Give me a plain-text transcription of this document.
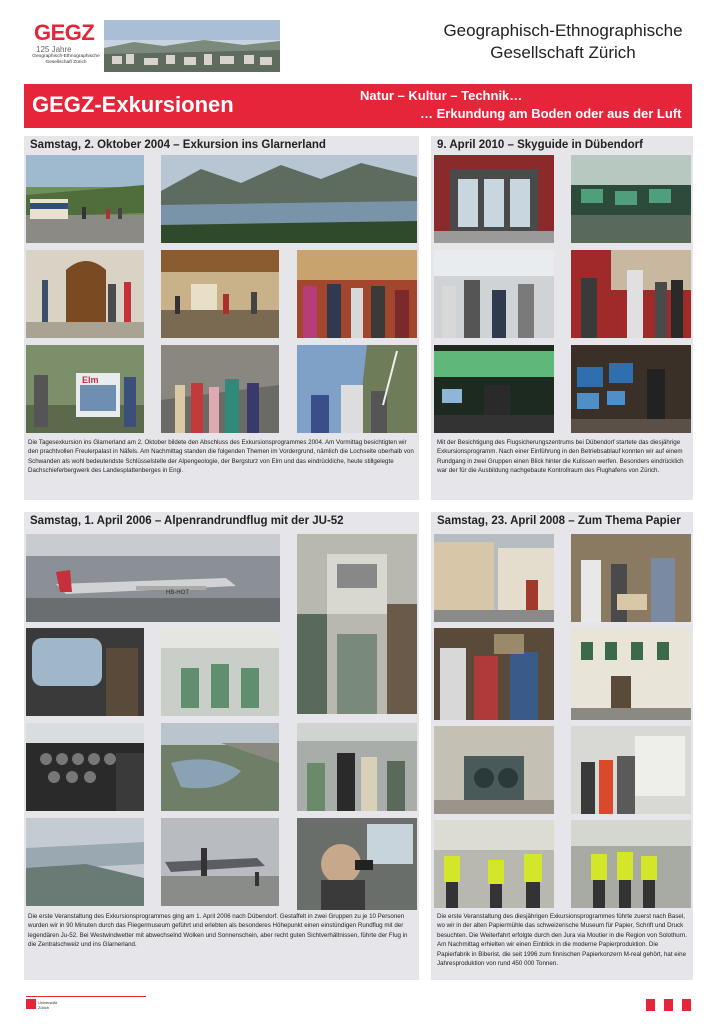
GEGZ
125 Jahre
Geographisch-Ethnographische Gesellschaft Zürich
Geographisch-Ethnographische
Gesellschaft Zürich
GEGZ-Exkursionen	Natur – Kultur – Technik…
… Erkundung am Boden oder aus der Luft
Samstag, 2. Oktober 2004 – Exkursion ins Glarnerland
Elm
Die Tagesexkursion ins Glarnerland am 2. Oktober bildete den Abschluss des Exkursionsprogrammes 2004. Am Vormittag besichtigten wir den prachtvollen Freulerpalast in Näfels. Am Nachmittag standen die folgenden Themen im Vordergrund, nämlich die Lochseite oberhalb von Schwanden als wohl bedeutendste Schlüsselstelle der Alpengeologie, der Bergsturz von Elm und das eindrückliche, heute stillgelegte Dachschieferbergwerk des Landesplattenberges in Engi.
9. April 2010 – Skyguide in Dübendorf
Mit der Besichtigung des Flugsicherungszentrums bei Dübendorf startete das diesjährige Exkursionsprogramm. Nach einer Einführung in den Betriebsablauf konnten wir auf einem Rundgang in zwei Gruppen einen Blick hinter die Kulissen werfen. Besonders eindrücklich war der für die Ausbildung nachgebaute Kontrollraum des Flughafens von Zürich.
Samstag, 1. April 2006 – Alpenrandrundflug mit der JU-52
HB-HOT
Die erste Veranstaltung des Exkursionsprogrammes ging am 1. April 2006 nach Dübendorf. Gestaffelt in zwei Gruppen zu je 10 Personen wurden wir in 90 Minuten durch das Fliegermuseum geführt und erlebten als besonderes Höhepunkt einen einstündigen Rundflug mit der legendären Ju-52. Bei Westwindwetter mit abwechselnd Wolken und Sonnenschein, aber recht guten Sichtverhältnissen, führte der Flug in die Zentralschweiz und ins Glarnerland.
Samstag, 23. April 2008 – Zum Thema Papier
Die erste Veranstaltung des diesjährigen Exkursionsprogrammes führte zuerst nach Basel, wo wir in der alten Papiermühle das schweizerische Museum für Papier, Schrift und Druck besuchten. Die Weiterfahrt erfolgte durch den Jura via Moutier in die Region von Solothurn. Am Nachmittag erhielten wir einen Einblick in die moderne Papierproduktion. Die Papierfabrik in Biberist, die seit 1996 zum finnischen Papierkonzern M-real gehört, hat eine Jahresproduktion von rund 450 000 Tonnen.
Universität Zürich
